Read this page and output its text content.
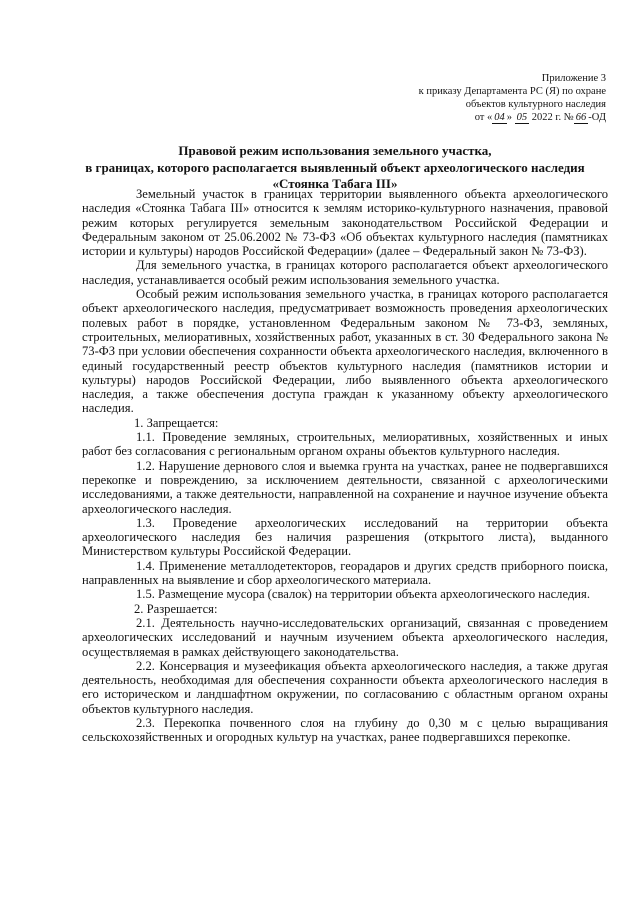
Приложение 3
к приказу Департамента РС (Я) по охране
объектов культурного наследия
от « 04 » 05 2022 г. № 66 -ОД
Правовой режим использования земельного участка,
в границах, которого располагается выявленный объект археологического наследия
«Стоянка Табага III»

Земельный участок в границах территории выявленного объекта археологического наследия «Стоянка Табага III» относится к землям историко-культурного назначения, правовой режим которых регулируется земельным законодательством Российской Федерации и Федеральным законом от 25.06.2002 № 73-ФЗ «Об объектах культурного наследия (памятниках истории и культуры) народов Российской Федерации» (далее – Федеральный закон № 73-ФЗ).

Для земельного участка, в границах которого располагается объект археологического наследия, устанавливается особый режим использования земельного участка.

Особый режим использования земельного участка, в границах которого располагается объект археологического наследия, предусматривает возможность проведения археологических полевых работ в порядке, установленном Федеральным законом № 73-ФЗ, земляных, строительных, мелиоративных, хозяйственных работ, указанных в ст. 30 Федерального закона № 73-ФЗ при условии обеспечения сохранности объекта археологического наследия, включенного в единый государственный реестр объектов культурного наследия (памятников истории и культуры) народов Российской Федерации, либо выявленного объекта археологического наследия, а также обеспечения доступа граждан к указанному объекту археологического наследия.

1. Запрещается:

1.1. Проведение земляных, строительных, мелиоративных, хозяйственных и иных работ без согласования с региональным органом охраны объектов культурного наследия.

1.2. Нарушение дернового слоя и выемка грунта на участках, ранее не подвергавшихся перекопке и повреждению, за исключением деятельности, связанной с археологическими исследованиями, а также деятельности, направленной на сохранение и научное изучение объекта археологического наследия.

1.3. Проведение археологических исследований на территории объекта археологического наследия без наличия разрешения (открытого листа), выданного Министерством культуры Российской Федерации.

1.4. Применение металлодетекторов, георадаров и других средств приборного поиска, направленных на выявление и сбор археологического материала.

1.5. Размещение мусора (свалок) на территории объекта археологического наследия.

2. Разрешается:

2.1. Деятельность научно-исследовательских организаций, связанная с проведением археологических исследований и научным изучением объекта археологического наследия, осуществляемая в рамках действующего законодательства.

2.2. Консервация и музеефикация объекта археологического наследия, а также другая деятельность, необходимая для обеспечения сохранности объекта археологического наследия в его историческом и ландшафтном окружении, по согласованию с областным органом охраны объектов культурного наследия.

2.3. Перекопка почвенного слоя на глубину до 0,30 м с целью выращивания сельскохозяйственных и огородных культур на участках, ранее подвергавшихся перекопке.
